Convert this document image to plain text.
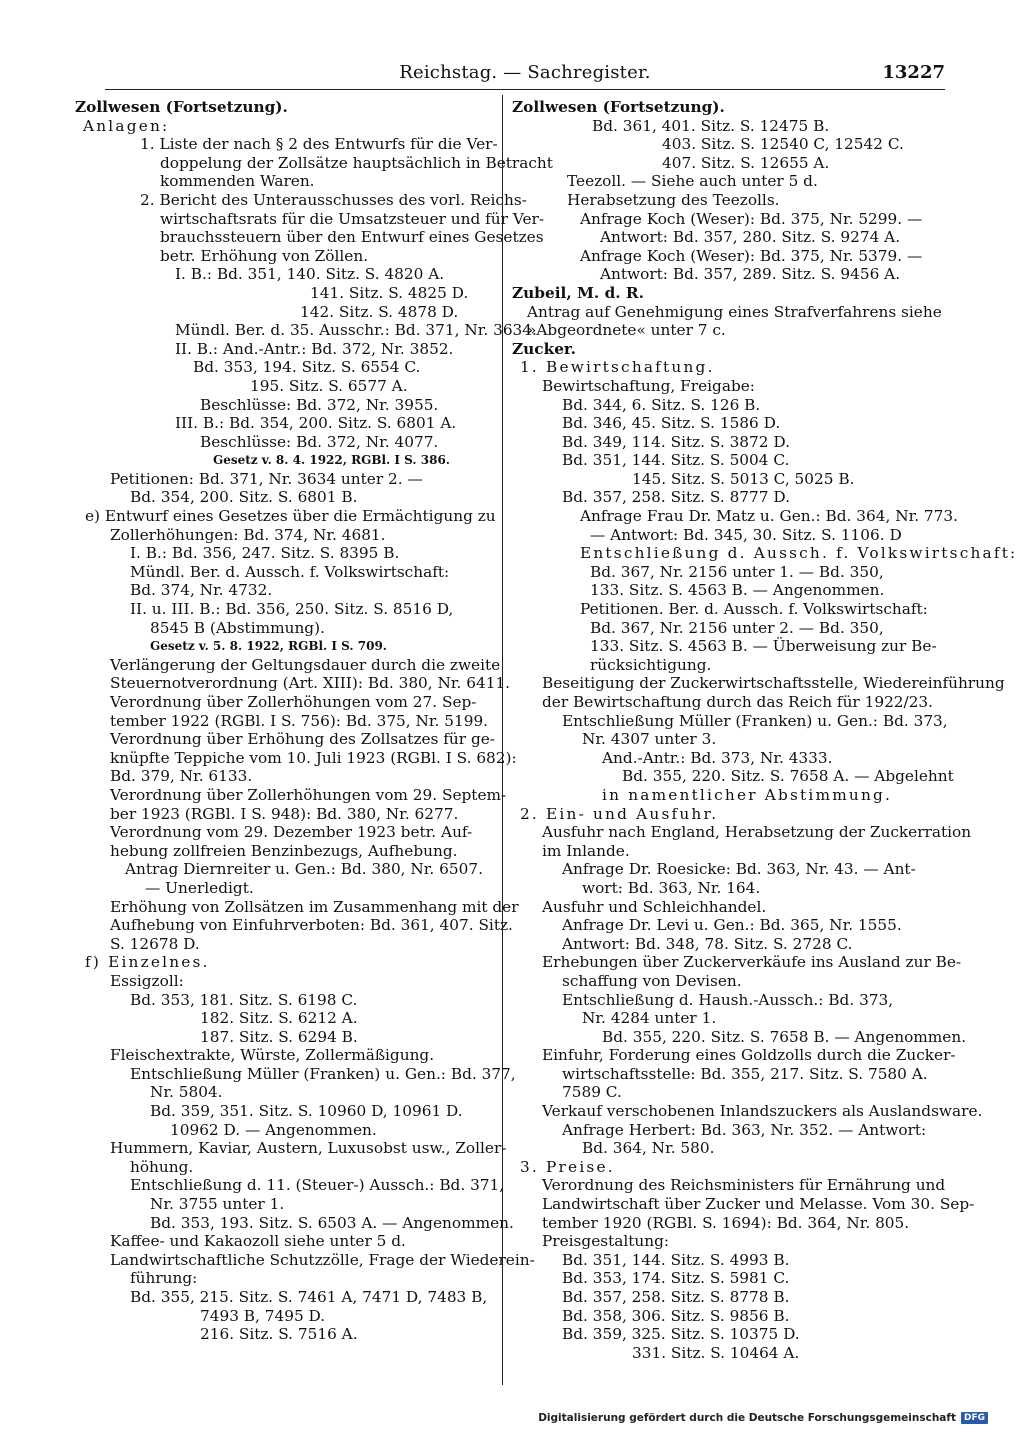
Reichstag. — Sachregister.	13227
Zollwesen (Fortsetzung).
Anlagen:
1. Liste der nach § 2 des Entwurfs für die Ver-
doppelung der Zollsätze hauptsächlich in Betracht
kommenden Waren.
2. Bericht des Unterausschusses des vorl. Reichs-
wirtschaftsrats für die Umsatzsteuer und für Ver-
brauchssteuern über den Entwurf eines Gesetzes
betr. Erhöhung von Zöllen.
I. B.: Bd. 351, 140. Sitz. S. 4820 A.
141. Sitz. S. 4825 D.
142. Sitz. S. 4878 D.
Mündl. Ber. d. 35. Ausschr.: Bd. 371, Nr. 3634.
II. B.: And.-Antr.: Bd. 372, Nr. 3852.
Bd. 353, 194. Sitz. S. 6554 C.
195. Sitz. S. 6577 A.
Beschlüsse: Bd. 372, Nr. 3955.
III. B.: Bd. 354, 200. Sitz. S. 6801 A.
Beschlüsse: Bd. 372, Nr. 4077.
Gesetz v. 8. 4. 1922, RGBl. I S. 386.
Petitionen: Bd. 371, Nr. 3634 unter 2. —
Bd. 354, 200. Sitz. S. 6801 B.
e) Entwurf eines Gesetzes über die Ermächtigung zu
Zollerhöhungen: Bd. 374, Nr. 4681.
I. B.: Bd. 356, 247. Sitz. S. 8395 B.
Mündl. Ber. d. Aussch. f. Volkswirtschaft:
Bd. 374, Nr. 4732.
II. u. III. B.: Bd. 356, 250. Sitz. S. 8516 D,
8545 B (Abstimmung).
Gesetz v. 5. 8. 1922, RGBl. I S. 709.
Verlängerung der Geltungsdauer durch die zweite
Steuernotverordnung (Art. XIII): Bd. 380, Nr. 6411.
Verordnung über Zollerhöhungen vom 27. Sep-
tember 1922 (RGBl. I S. 756): Bd. 375, Nr. 5199.
Verordnung über Erhöhung des Zollsatzes für ge-
knüpfte Teppiche vom 10. Juli 1923 (RGBl. I S. 682):
Bd. 379, Nr. 6133.
Verordnung über Zollerhöhungen vom 29. Septem-
ber 1923 (RGBl. I S. 948): Bd. 380, Nr. 6277.
Verordnung vom 29. Dezember 1923 betr. Auf-
hebung zollfreien Benzinbezugs, Aufhebung.
Antrag Diernreiter u. Gen.: Bd. 380, Nr. 6507.
— Unerledigt.
Erhöhung von Zollsätzen im Zusammenhang mit der
Aufhebung von Einfuhrverboten: Bd. 361, 407. Sitz.
S. 12678 D.
f) Einzelnes.
Essigzoll:
Bd. 353, 181. Sitz. S. 6198 C.
182. Sitz. S. 6212 A.
187. Sitz. S. 6294 B.
Fleischextrakte, Würste, Zollermäßigung.
Entschließung Müller (Franken) u. Gen.: Bd. 377,
Nr. 5804.
Bd. 359, 351. Sitz. S. 10960 D, 10961 D.
10962 D. — Angenommen.
Hummern, Kaviar, Austern, Luxusobst usw., Zoller-
höhung.
Entschließung d. 11. (Steuer-) Aussch.: Bd. 371,
Nr. 3755 unter 1.
Bd. 353, 193. Sitz. S. 6503 A. — Angenommen.
Kaffee- und Kakaozoll siehe unter 5 d.
Landwirtschaftliche Schutzzölle, Frage der Wiederein-
führung:
Bd. 355, 215. Sitz. S. 7461 A, 7471 D, 7483 B,
7493 B, 7495 D.
216. Sitz. S. 7516 A.
Zollwesen (Fortsetzung).
Bd. 361, 401. Sitz. S. 12475 B.
403. Sitz. S. 12540 C, 12542 C.
407. Sitz. S. 12655 A.
Teezoll. — Siehe auch unter 5 d.
Herabsetzung des Teezolls.
Anfrage Koch (Weser): Bd. 375, Nr. 5299. —
Antwort: Bd. 357, 280. Sitz. S. 9274 A.
Anfrage Koch (Weser): Bd. 375, Nr. 5379. —
Antwort: Bd. 357, 289. Sitz. S. 9456 A.
Zubeil, M. d. R.
Antrag auf Genehmigung eines Strafverfahrens siehe
»Abgeordnete« unter 7 c.
Zucker.
1. Bewirtschaftung.
Bewirtschaftung, Freigabe:
Bd. 344, 6. Sitz. S. 126 B.
Bd. 346, 45. Sitz. S. 1586 D.
Bd. 349, 114. Sitz. S. 3872 D.
Bd. 351, 144. Sitz. S. 5004 C.
145. Sitz. S. 5013 C, 5025 B.
Bd. 357, 258. Sitz. S. 8777 D.
Anfrage Frau Dr. Matz u. Gen.: Bd. 364, Nr. 773.
— Antwort: Bd. 345, 30. Sitz. S. 1106. D
Entschließung d. Aussch. f. Volkswirtschaft:
Bd. 367, Nr. 2156 unter 1. — Bd. 350,
133. Sitz. S. 4563 B. — Angenommen.
Petitionen. Ber. d. Aussch. f. Volkswirtschaft:
Bd. 367, Nr. 2156 unter 2. — Bd. 350,
133. Sitz. S. 4563 B. — Überweisung zur Be-
rücksichtigung.
Beseitigung der Zuckerwirtschaftsstelle, Wiedereinführung
der Bewirtschaftung durch das Reich für 1922/23.
Entschließung Müller (Franken) u. Gen.: Bd. 373,
Nr. 4307 unter 3.
And.-Antr.: Bd. 373, Nr. 4333.
Bd. 355, 220. Sitz. S. 7658 A. — Abgelehnt
in namentlicher Abstimmung.
2. Ein- und Ausfuhr.
Ausfuhr nach England, Herabsetzung der Zuckerration
im Inlande.
Anfrage Dr. Roesicke: Bd. 363, Nr. 43. — Ant-
wort: Bd. 363, Nr. 164.
Ausfuhr und Schleichhandel.
Anfrage Dr. Levi u. Gen.: Bd. 365, Nr. 1555.
Antwort: Bd. 348, 78. Sitz. S. 2728 C.
Erhebungen über Zuckerverkäufe ins Ausland zur Be-
schaffung von Devisen.
Entschließung d. Haush.-Aussch.: Bd. 373,
Nr. 4284 unter 1.
Bd. 355, 220. Sitz. S. 7658 B. — Angenommen.
Einfuhr, Forderung eines Goldzolls durch die Zucker-
wirtschaftsstelle: Bd. 355, 217. Sitz. S. 7580 A.
7589 C.
Verkauf verschobenen Inlandszuckers als Auslandsware.
Anfrage Herbert: Bd. 363, Nr. 352. — Antwort:
Bd. 364, Nr. 580.
3. Preise.
Verordnung des Reichsministers für Ernährung und
Landwirtschaft über Zucker und Melasse. Vom 30. Sep-
tember 1920 (RGBl. S. 1694): Bd. 364, Nr. 805.
Preisgestaltung:
Bd. 351, 144. Sitz. S. 4993 B.
Bd. 353, 174. Sitz. S. 5981 C.
Bd. 357, 258. Sitz. S. 8778 B.
Bd. 358, 306. Sitz. S. 9856 B.
Bd. 359, 325. Sitz. S. 10375 D.
331. Sitz. S. 10464 A.
Digitalisierung gefördert durch die Deutsche Forschungsgemeinschaft DFG
